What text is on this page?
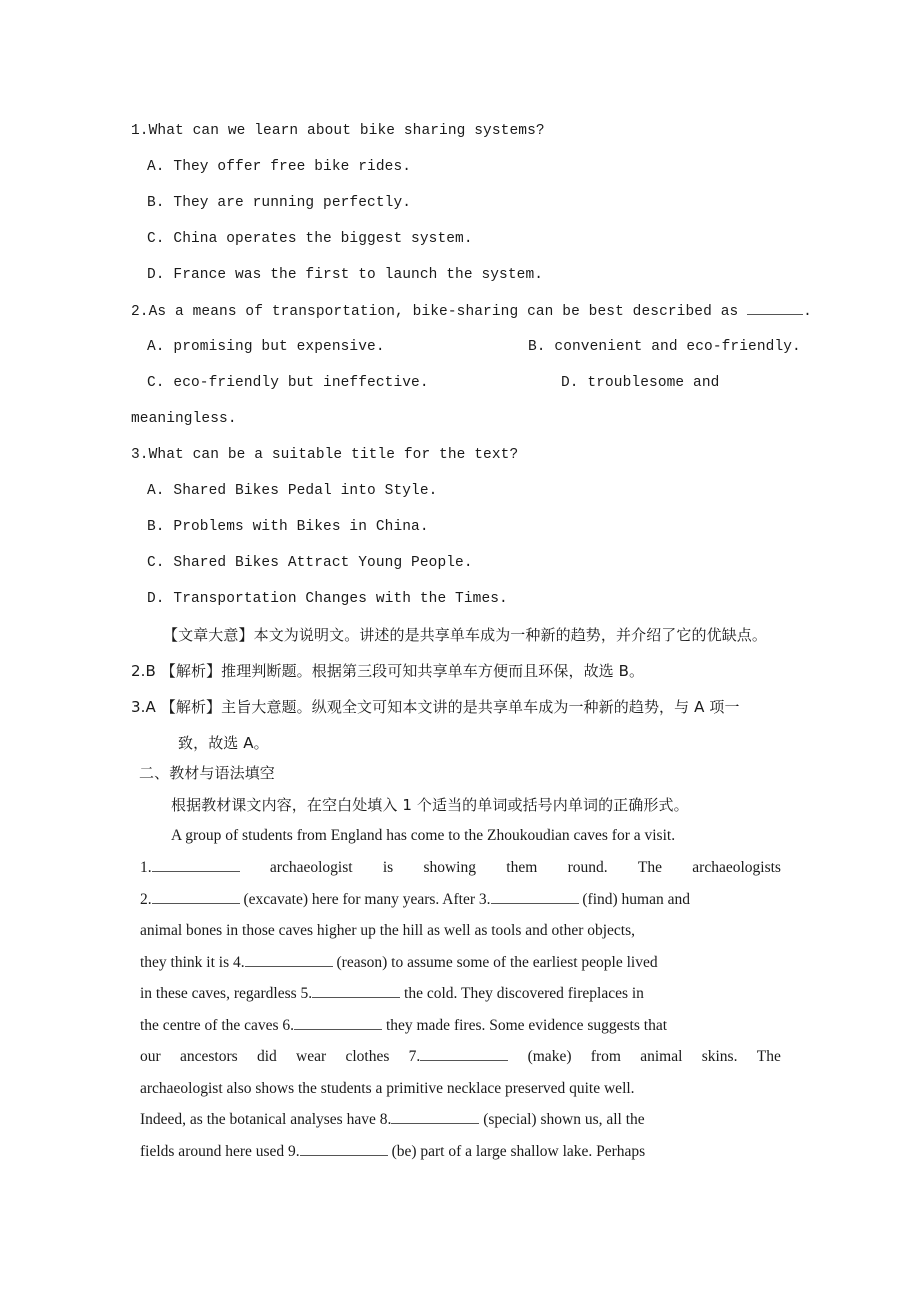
1.What can we learn about bike sharing systems?
A. They offer free bike rides.
B. They are running perfectly.
C. China operates the biggest system.
D. France was the first to launch the system.
2.As a means of transportation, bike-sharing can be best described as	.
A. promising but expensive.	B. convenient and eco-friendly.
C. eco-friendly but ineffective.	D. troublesome and
meaningless.
3.What can be a suitable title for the text?
A. Shared Bikes Pedal into Style.
B. Problems with Bikes in China.
C. Shared Bikes Attract Young People.
D. Transportation Changes with the Times.
【文章大意】本文为说明文。讲述的是共享单车成为一种新的趋势，并介绍了它的优缺点。
2.B 【解析】推理判断题。根据第三段可知共享单车方便而且环保，故选 B。
3.A 【解析】主旨大意题。纵观全文可知本文讲的是共享单车成为一种新的趋势，与 A 项一
致，故选 A。
二、教材与语法填空
根据教材课文内容，在空白处填入 1 个适当的单词或括号内单词的正确形式。
A group of students from England has come to the Zhoukoudian caves for a visit.
1.	archaeologist is showing them round. The archaeologists
2.	(excavate) here for many years. After 3.	(find) human and
animal bones in those caves higher up the hill as well as tools and other objects,
they think it is 4.	(reason) to assume some of the earliest people lived
in these caves, regardless 5.	the cold. They discovered fireplaces in
the centre of the caves 6.	they made fires. Some evidence suggests that
our ancestors did wear clothes 7.	(make) from animal skins. The
archaeologist also shows the students a primitive necklace preserved quite well.
Indeed, as the botanical analyses have 8.	(special) shown us, all the
fields around here used 9.	(be) part of a large shallow lake. Perhaps
